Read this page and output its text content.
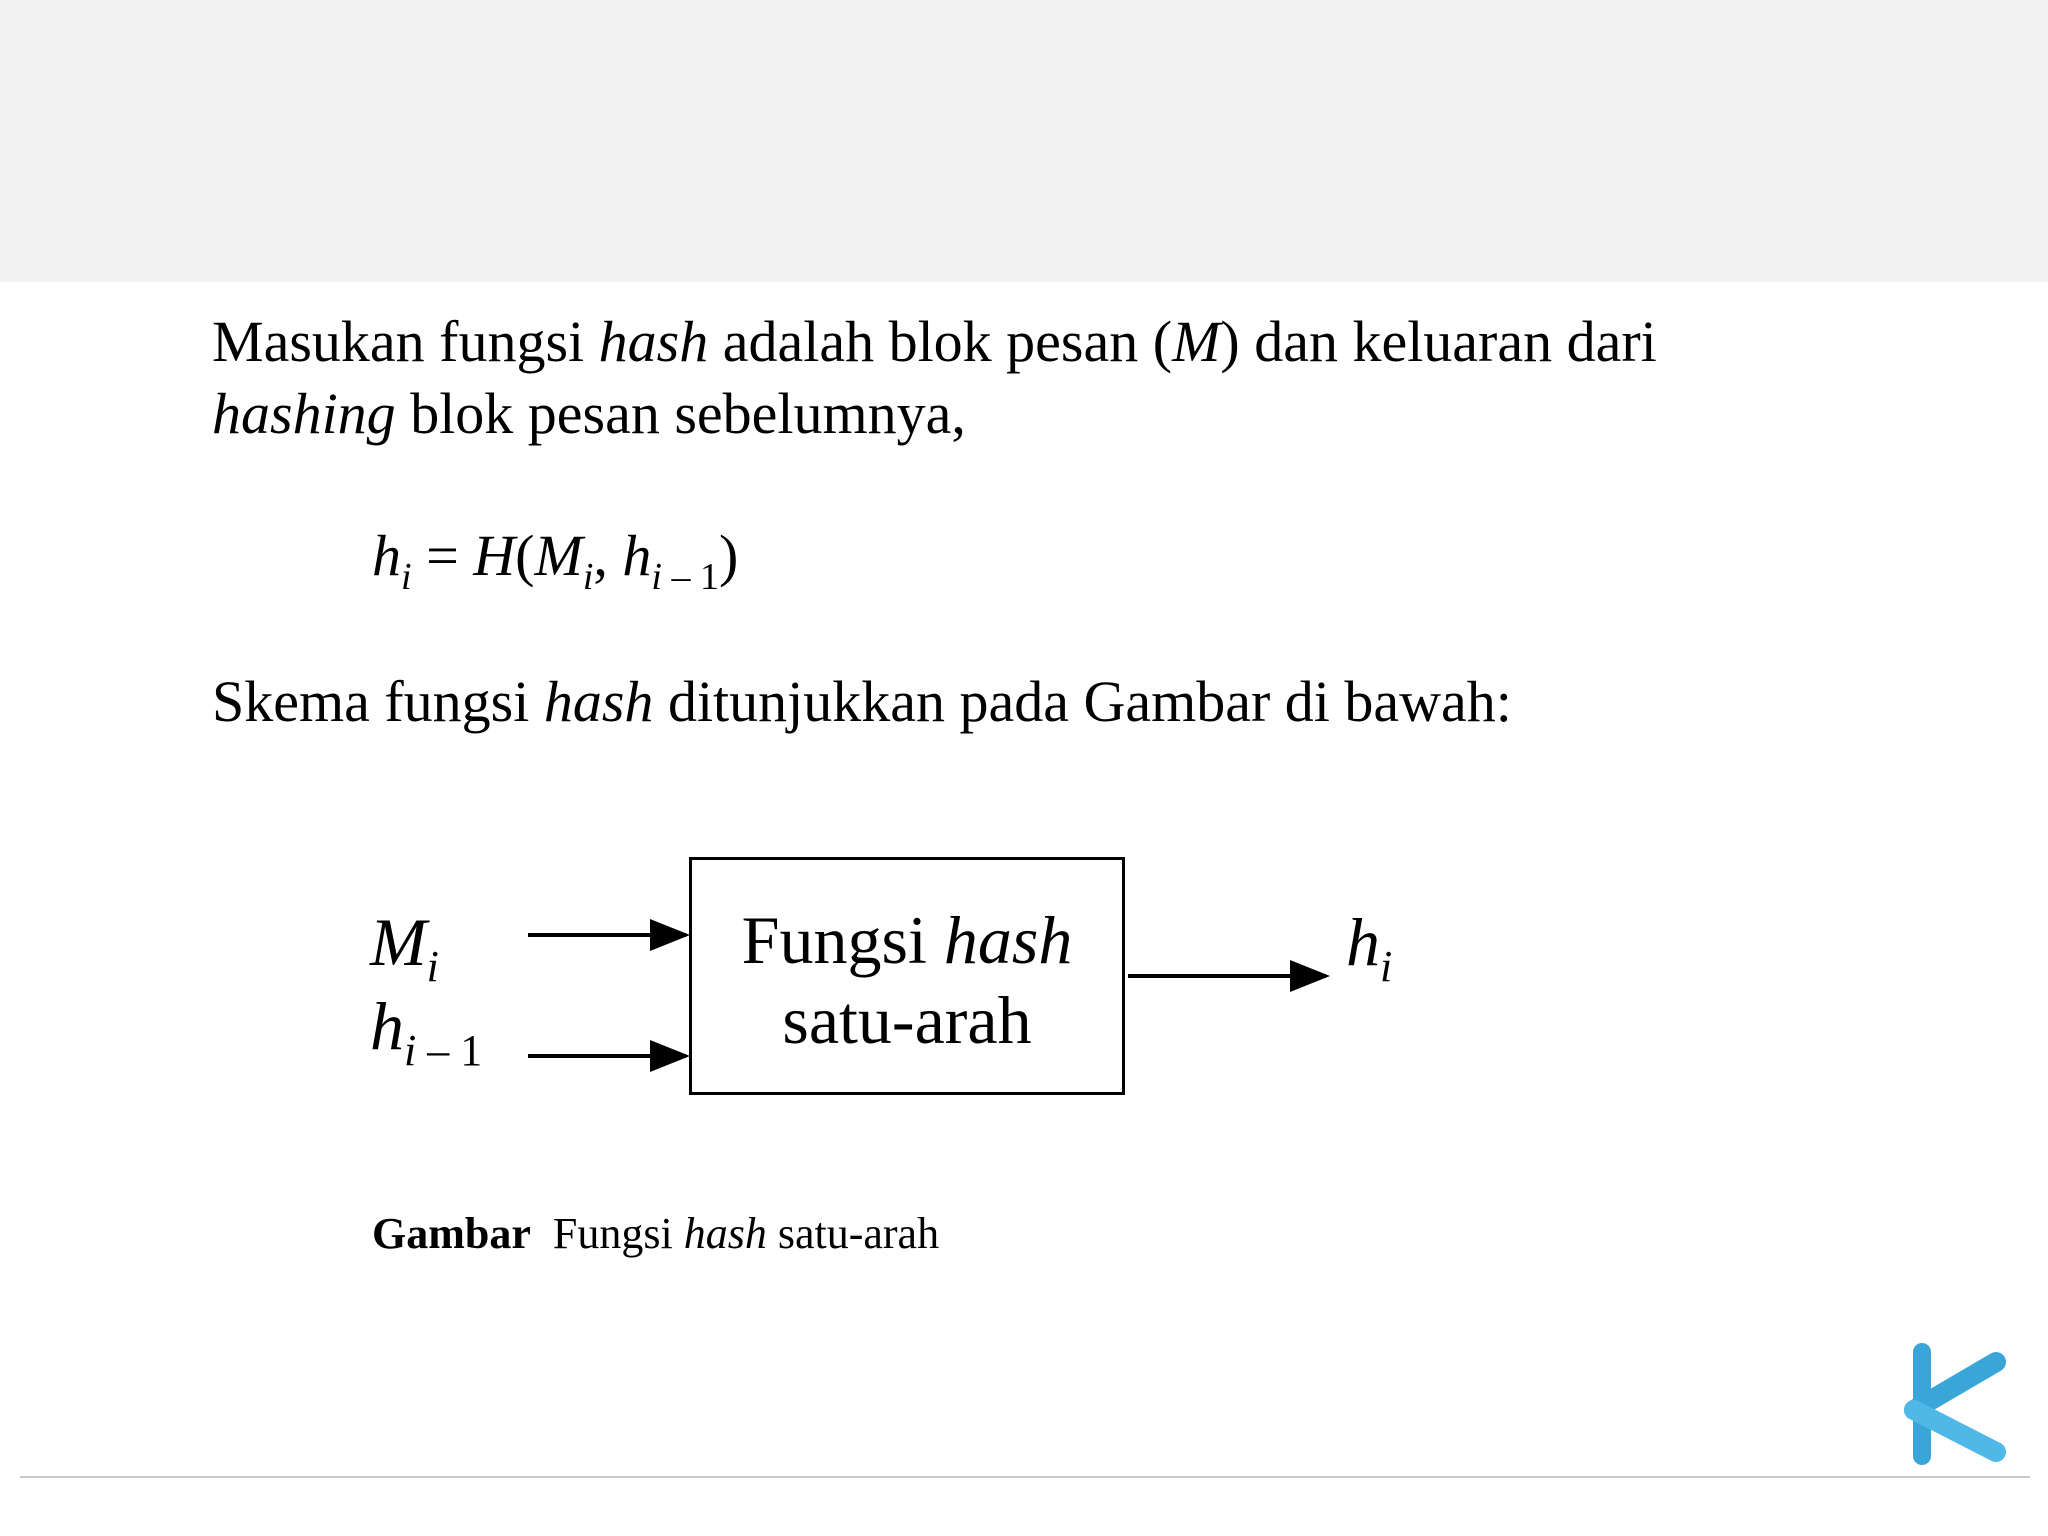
Masukan fungsi hash adalah blok pesan (M) dan keluaran dari

hashing blok pesan sebelumnya,

$h_i = H(M_i$, $h_{i - 1}$)

Skema fungsi hash ditunjukkan pada Gambar di bawah:

$M_i$
$h_{i - 1}$
Fungsi hash
satu-arah
$h_i$
Gambar  Fungsi hash satu-arah
